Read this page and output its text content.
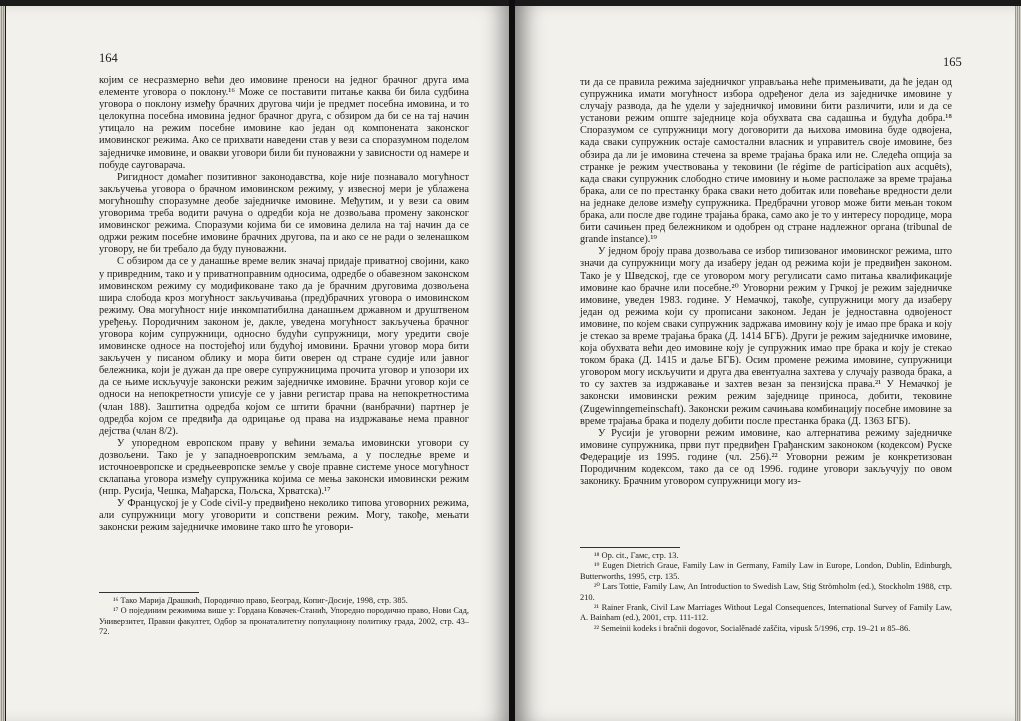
164

којим се несразмерно већи део имовине преноси на једног брачног друга има елементе уговора о поклону.¹⁶ Може се поставити питање каква би била судбина уговора о поклону између брачних другова чији је предмет посебна имовина, и то целокупна посебна имовина једног брачног друга, с обзиром да би се на тај начин утицало на режим посебне имовине као један од компонената законског имовинског режима. Ако се прихвати наведени став у вези са споразумном поделом заједничке имовине, и овакви уговори били би пуноважни у зависности од намере и побуде сауговарача.

Ригидност домаћег позитивног законодавства, које није познавало могућност закључења уговора о брачном имовинском режиму, у извесној мери је ублажена могућношћу споразумне деобе заједничке имовине. Међутим, и у вези са овим уговорима треба водити рачуна о одредби која не дозвољава промену законског имовинског режима. Споразуми којима би се имовина делила на тај начин да се одржи режим посебне имовине брачних другова, па и ако се не ради о зеленашком уговору, не би требало да буду пуноважни.

С обзиром да се у данашње време велик значај придаје приватној својини, како у привредним, тако и у приватноправним односима, одредбе о обавезном законском имовинском режиму су модификоване тако да је брачним друговима дозвољена шира слобода кроз могућност закључивања (пред)брачних уговора о имовинском режиму. Ова могућност није инкомпатибилна данашњем државном и друштвеном уређењу. Породичним законом је, дакле, уведена могућност закључења брачног уговора којим супружници, односно будући супружници, могу уредити своје имовинске односе на постојећој или будућој имовини. Брачни уговор мора бити закључен у писаном облику и мора бити оверен од стране судије или јавног бележника, који је дужан да пре овере супружницима прочита уговор и упозори их да се њиме искључује законски режим заједничке имовине. Брачни уговор који се односи на непокретности уписује се у јавни регистар права на непокретностима (члан 188). Заштитна одредба којом се штити брачни (ванбрачни) партнер је одредба којом се предвиђа да одрицање од права на издржавање нема правног дејства (члан 8/2).

У упоредном европском праву у већини земаља имовински уговори су дозвољени. Тако је у западноевропским земљама, а у последње време и источноевропске и средњеевропске земље у своје правне системе уносе могућност склапања уговора између супружника којима се мења законски имовински режим (нпр. Русија, Чешка, Мађарска, Пољска, Хрватска).¹⁷

У Француској је у Code civil-у предвиђено неколико типова уговорних режима, али супружници могу уговорити и сопствени режим. Могу, такође, мењати законски режим заједничке имовине тако што ће уговори-

¹⁶ Тако Марија Драшкић, Породично право, Београд, Копиг-Досије, 1998, стр. 385.
¹⁷ О појединим режимима више у: Гордана Ковачек-Станић, Упоредно породично право, Нови Сад, Универзитет, Правни факултет, Одбор за пронаталитетну популациону политику града, 2002, стр. 43–72.
165

ти да се правила режима заједничког управљања неће примењивати, да ће један од супружника имати могућност избора одређеног дела из заједничке имовине у случају развода, да ће удели у заједничкој имовини бити различити, или и да се установи режим опште заједнице која обухвата сва садашња и будућа добра.¹⁸ Споразумом се супружници могу договорити да њихова имовина буде одвојена, када сваки супружник остаје самостални власник и управитељ своје имовине, без обзира да ли је имовина стечена за време трајања брака или не. Следећа опција за странке је режим учествовања у тековини (le régime de participation aux acquêts), када сваки супружник слободно стиче имовину и њоме располаже за време трајања брака, али се по престанку брака сваки нето добитак или повећање вредности дели на једнаке делове између супружника. Предбрачни уговор може бити мењан током брака, али после две године трајања брака, само ако је то у интересу породице, мора бити сачињен пред бележником и одобрен од стране надлежног органа (tribunal de grande instance).¹⁹

У једном броју права дозвољава се избор типизованог имовинског режима, што значи да супружници могу да изаберу један од режима који је предвиђен законом. Тако је у Шведској, где се уговором могу регулисати само питања квалификације имовине као брачне или посебне.²⁰ Уговорни режим у Грчкој је режим заједничке имовине, уведен 1983. године. У Немачкој, такође, супружници могу да изаберу један од режима који су прописани законом. Један је једноставна одвојеност имовине, по којем сваки супружник задржава имовину коју је имао пре брака и коју је стекао за време трајања брака (Д. 1414 БГБ). Други је режим заједничке имовине, која обухвата већи део имовине коју је супружник имао пре брака и коју је стекао током брака (Д. 1415 и даље БГБ). Осим промене режима имовине, супружници уговором могу искључити и друга два евентуална захтева у случају развода брака, а то су захтев за издржавање и захтев везан за пензијска права.²¹ У Немачкој је законски имовински режим режим заједнице приноса, добити, тековине (Zugewinngemeinschaft). Законски режим сачињава комбинацију посебне имовине за време трајања брака и поделу добити после престанка брака (Д. 1363 БГБ).

У Русији је уговорни режим имовине, као алтернатива режиму заједничке имовине супружника, први пут предвиђен Грађанским законоком (кодексом) Руске Федерације из 1995. године (чл. 256).²² Уговорни режим је конкретизован Породичним кодексом, тако да се од 1996. године уговори закључују по овом законику. Брачним уговором супружници могу из-

¹⁸ Op. cit., Гамс, стр. 13.
¹⁹ Eugen Dietrich Graue, Family Law in Germany, Family Law in Europe, London, Dublin, Edinburgh, Butterworths, 1995, стр. 135.
²⁰ Lars Tottie, Family Law, An Introduction to Swedish Law, Stig Strömholm (ed.), Stockholm 1988, стр. 210.
²¹ Rainer Frank, Civil Law Marriages Without Legal Consequences, International Survey of Family Law, A. Bainham (ed.), 2001, стр. 111-112.
²² Semeinii kodeks i bračnii dogovor, Socialěnadé zaščita, vipusk 5/1996, стр. 19–21 и 85–86.
